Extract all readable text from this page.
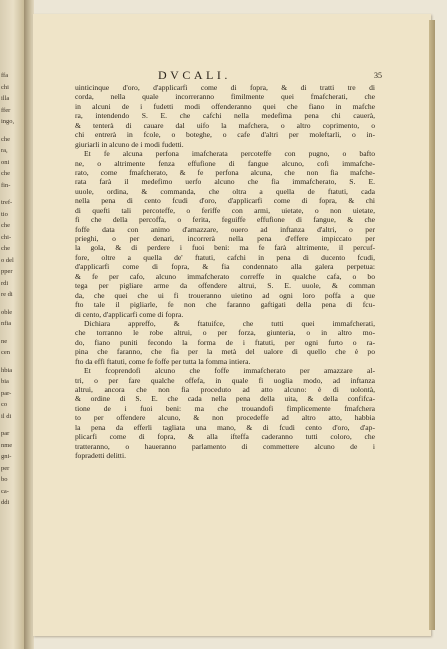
ffa
chi
illa
ffer
ingo,
che
ra,
oni
che
fin-
tref-
tio
che
chi-
che
o del
pper
rdi
re di
oble
nfia
ne
cen
hbia
bia
par-
co
il di
par
nme
gni-
per
bo
ca-
ddi
DVCALI.	35

uinticinque d'oro, d'applicarfi come di fopra, & di tratti tre di
corda, nella quale incorreranno fimilmente quei fmafcherati, che
in alcuni de i fudetti modi offenderanno quei che fiano in mafche
ra, intendendo S. E. che cafchi nella medefima pena chi cauerà,
& tenterà di cauare dal uifo la mafchera, o altro coprimento, o
chi entrerà in fcole, o boteghe, o cafe d'altri per moleftarli, o in-
giuriarli in alcuno de i modi fudetti.

Et fe alcuna perfona imafcherata percoteffe con pugno, o bafto
ne, o altrimente fenza effufione di fangue alcuno, cofi immafche-
rato, come fmafcherato, & fe perfona alcuna, che non fia mafche-
rata farà il medefimo uerfo alcuno che fia immafcherato, S. E.
uuole, ordina, & commanda, che oltra a quella de ftatuti, cada
nella pena di cento fcudi d'oro, d'applicarfi come di fopra, & chi
di quefti tali percoteffe, o feriffe con armi, uietate, o non uietate,
fi che della percoffa, o ferita, feguiffe effufione di fangue, & che
foffe data con animo d'amazzare, ouero ad inftanza d'altri, o per
prieghi, o per denari, incorrerà nella pena d'effere impiccato per
la gola, & di perdere i fuoi beni: ma fe farà altrimente, il percuf-
fore, oltre a quella de' ftatuti, cafchi in pena di ducento fcudi,
d'applicarfi come di fopra, & fia condennato alla galera perpetua:
& fe per cafo, alcuno immafcherato correffe in qualche cafa, o bo
tega per pigliare arme da offendere altrui, S. E. uuole, & comman
da, che quei che ui fi troueranno uietino ad ogni loro poffa a que
fto tale il pigliarle, fe non che faranno gaftigati della pena di fcu-
di cento, d'applicarfi come di fopra.

Dichiara appreffo, & ftatuifce, che tutti quei immafcherati,
che torranno le robe altrui, o per forza, giunteria, o in altro mo-
do, fiano puniti fecondo la forma de i ftatuti, per ogni furto o ra-
pina che faranno, che fia per la metà del ualore di quello che è po
fto da effi ftatuti, come fe foffe per tutta la fomma intiera.

Et fcoprendofi alcuno che foffe immafcherato per amazzare al-
tri, o per fare qualche offefa, in quale fi uoglia modo, ad inftanza
altrui, ancora che non fia proceduto ad atto alcuno: è di uolontà,
& ordine di S. E. che cada nella pena della uita, & della confifca-
tione de i fuoi beni: ma che trouandofi fimplicemente fmafchera
to per offendere alcuno, & non procedeffe ad altro atto, habbia
la pena da efferli tagliata una mano, & di fcudi cento d'oro, d'ap-
plicarfi come di fopra, & alla ifteffa caderanno tutti coloro, che
tratteranno, o haueranno parlamento di commettere alcuno de i
fopradetti delitti.
